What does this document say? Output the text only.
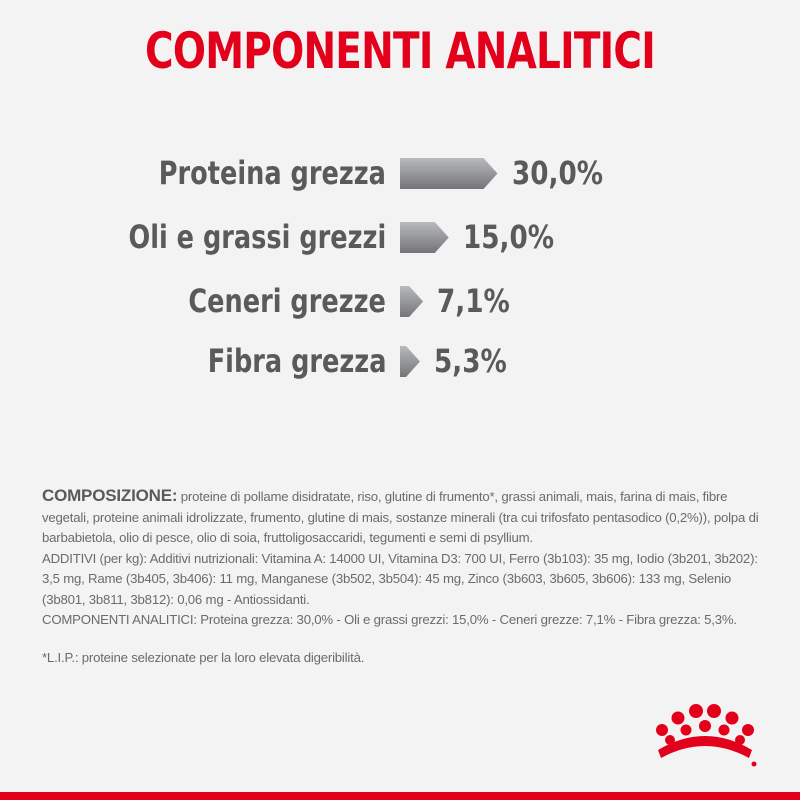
COMPONENTI ANALITICI
Proteina grezza	30,0%
Oli e grassi grezzi 15,0%
Ceneri grezze 7,1%
Fibra grezza 5,3%
COMPOSIZIONE: proteine di pollame disidratate, riso, glutine di frumento*, grassi animali, mais, farina di mais, fibre vegetali, proteine animali idrolizzate, frumento, glutine di mais, sostanze minerali (tra cui trifosfato pentasodico (0,2%)), polpa di barbabietola, olio di pesce, olio di soia, fruttoligosaccaridi, tegumenti e semi di psyllium.
ADDITIVI (per kg): Additivi nutrizionali: Vitamina A: 14000 UI, Vitamina D3: 700 UI, Ferro (3b103): 35 mg, Iodio (3b201, 3b202): 3,5 mg, Rame (3b405, 3b406): 11 mg, Manganese (3b502, 3b504): 45 mg, Zinco (3b603, 3b605, 3b606): 133 mg, Selenio (3b801, 3b811, 3b812): 0,06 mg - Antiossidanti.
COMPONENTI ANALITICI: Proteina grezza: 30,0% - Oli e grassi grezzi: 15,0% - Ceneri grezze: 7,1% - Fibra grezza: 5,3%.
*L.I.P.: proteine selezionate per la loro elevata digeribilità.
